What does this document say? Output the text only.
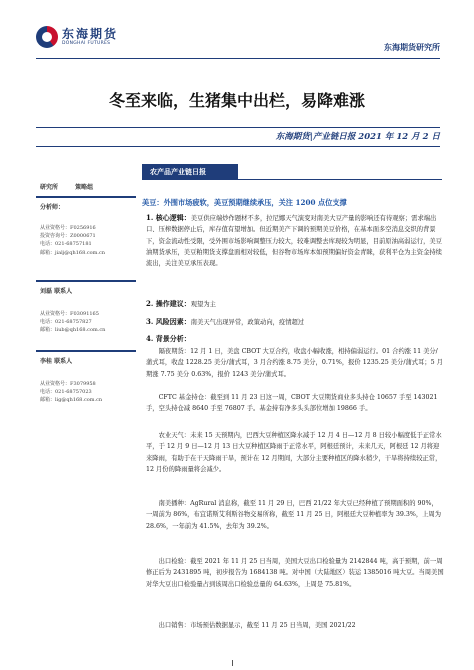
东海期货
DONGHAI FUTURES	东海期货研究所
冬至来临，生猪集中出栏，易降难涨
东海期货|产业链日报 2021 年 12 月 2 日
研究所	策略组
分析师：
从业资格号：F0256916
投资咨询号：Z0000671
电话：021-68757181
邮箱：jialj@qh168.com.cn
刘磊 联系人
从业资格号：F03091165
电话：021-68757827
邮箱：liub@qh168.com.cn
李桂 联系人
从业资格号：F3079958
电话：021-68757023
邮箱：lig@qh168.com.cn
农产品产业链日报
美豆：外围市场疲软，美豆预期继续承压，关注 1200 点位支撑
1. 核心逻辑：美豆供应端炒作题材不多，拉尼娜天气演变对南美大豆产量的影响还有待观察；需求端出口、压榨数据停止后，库存值有望增加。但近期美产下调的预期美豆价格，在基本面多空消息交织的背景下，资金流动性受限，受外围市场影响调整压力较大，较难调整去库现较为明显，目前原油高弱运行，美豆油期货承压，美豆粕期货支撑盘面相对较低，但谷物市场库本如预期偏好资金青睐，获利平仓为主资金持续流出，关注美豆承压表现。
2. 操作建议：观望为主
3. 风险因素：南美天气出现异常，政策动向，疫情超过
4. 背景分析：
隔夜期货：12 月 1 日，美盘 CBOT 大豆合约，收盘小幅收涨，相持偏弱运行。01 合约涨 11 美分/蒲式耳，收盘 1228.25 美分/蒲式耳，3 月合约涨 8.75 美分，0.71%，报价 1235.25 美分/蒲式耳；5 月期涨 7.75 美分 0.63%，报价 1243 美分/蒲式耳。
CFTC 基金持仓：截至到 11 月 23 日这一周，CBOT 大豆期货商业多头持仓 10657 手至 143021 手，空头持仓减 8640 手至 76807 手。基金持有净多头头部位增加 19866 手。
农业天气：未来 15 天预期内，巴西大豆种植区降水减于 12 月 4 日—12 月 8 日较小幅度低于正常水平，于 12 月 9 日—12 月 13 日大豆种植区降雨于正常水平，阿根廷预计，未来几天，阿根廷 12 月将迎来降雨，有助于在干天降雨干旱，预计在 12 月期间，大部分主要种植区的降水稍少，干旱将持续较正常，12 月份的降雨量将会减少。
南美播种：AgRural 消息称，截至 11 月 29 日，巴西 21/22 年大豆已经种植了预期面积的 90%，一周前为 86%，布宜诺斯艾利斯谷物交易所称，截至 11 月 25 日，阿根廷大豆种植率为 39.3%，上周为 28.6%，一年前为 41.5%，去年为 39.2%。
出口检验：截至 2021 年 11 月 25 日当周，美国大豆出口检验量为 2142844 吨，高于预期，前一周修正后为 2431895 吨，初步报告为 1684138 吨。对中国（大陆地区）装运 1385016 吨大豆。当周美国对华大豆出口检验量占到该周出口检验总量的 64.63%，上周是 75.81%。
出口销售：市场预估数据显示，截至 11 月 25 日当周，美国 2021/22
